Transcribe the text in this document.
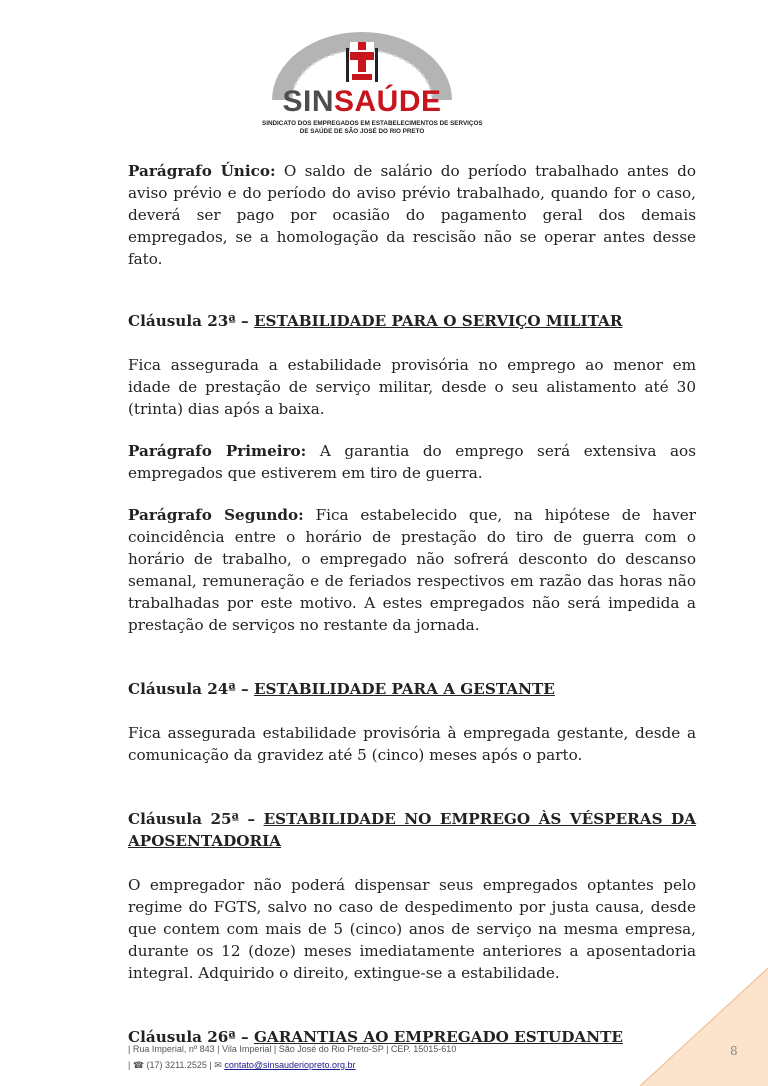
SINSAÚDE
SINDICATO DOS EMPREGADOS EM ESTABELECIMENTOS DE SERVIÇOS
DE SAÚDE DE SÃO JOSÉ DO RIO PRETO

Parágrafo Único: O saldo de salário do período trabalhado antes do aviso prévio e do período do aviso prévio trabalhado, quando for o caso, deverá ser pago por ocasião do pagamento geral dos demais empregados, se a homologação da rescisão não se operar antes desse fato.

Cláusula 23ª – ESTABILIDADE PARA O SERVIÇO MILITAR

Fica assegurada a estabilidade provisória no emprego ao menor em idade de prestação de serviço militar, desde o seu alistamento até 30 (trinta) dias após a baixa.

Parágrafo Primeiro: A garantia do emprego será extensiva aos empregados que estiverem em tiro de guerra.

Parágrafo Segundo: Fica estabelecido que, na hipótese de haver coincidência entre o horário de prestação do tiro de guerra com o horário de trabalho, o empregado não sofrerá desconto do descanso semanal, remuneração e de feriados respectivos em razão das horas não trabalhadas por este motivo. A estes empregados não será impedida a prestação de serviços no restante da jornada.

Cláusula 24ª – ESTABILIDADE PARA A GESTANTE

Fica assegurada estabilidade provisória à empregada gestante, desde a comunicação da gravidez até 5 (cinco) meses após o parto.

Cláusula 25ª – ESTABILIDADE NO EMPREGO ÀS VÉSPERAS DA APOSENTADORIA

O empregador não poderá dispensar seus empregados optantes pelo regime do FGTS, salvo no caso de despedimento por justa causa, desde que contem com mais de 5 (cinco) anos de serviço na mesma empresa, durante os 12 (doze) meses imediatamente anteriores a aposentadoria integral. Adquirido o direito, extingue-se a estabilidade.

Cláusula 26ª – GARANTIAS AO EMPREGADO ESTUDANTE

| Rua Imperial, nº 843 | Vila Imperial | São José do Rio Preto-SP | CEP. 15015-610
| ☎ (17) 3211.2525 | ✉ contato@sinsauderiopreto.org.br
8
